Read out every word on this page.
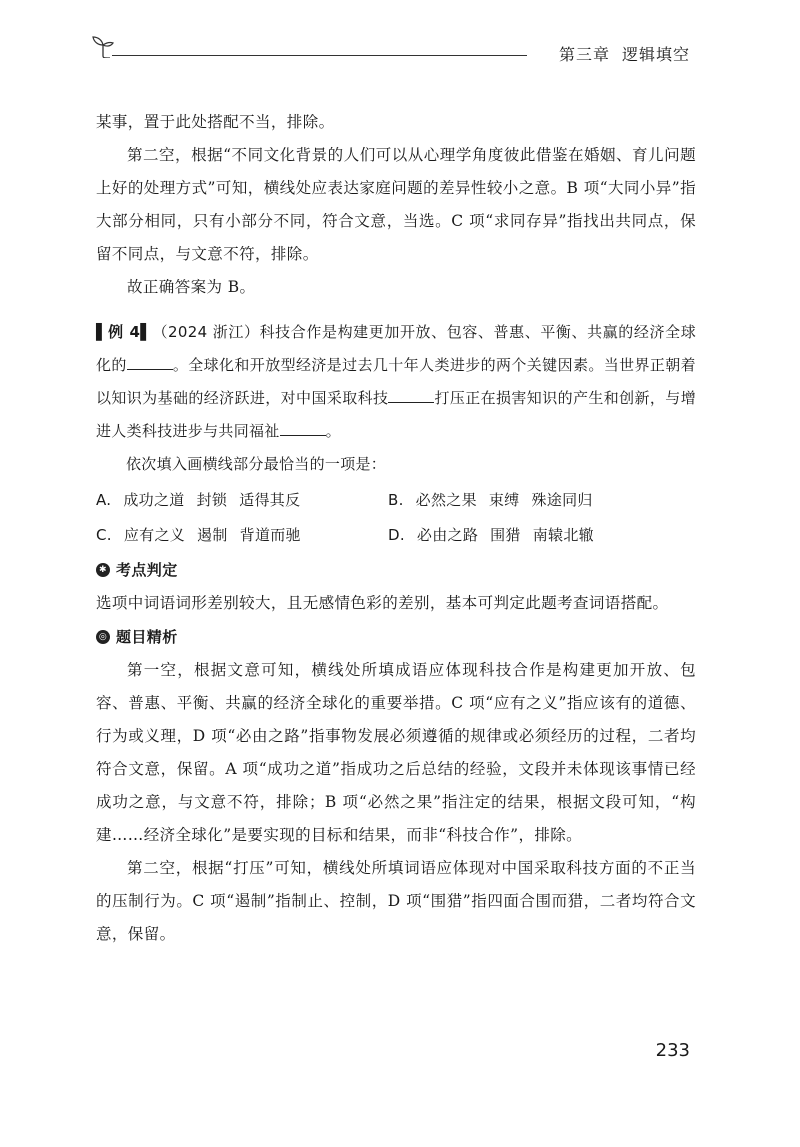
第三章 逻辑填空

某事，置于此处搭配不当，排除。

第二空，根据“不同文化背景的人们可以从心理学角度彼此借鉴在婚姻、育儿问题上好的处理方式”可知，横线处应表达家庭问题的差异性较小之意。B 项“大同小异”指大部分相同，只有小部分不同，符合文意，当选。C 项“求同存异”指找出共同点，保留不同点，与文意不符，排除。

故正确答案为 B。

▌例 4▌（2024 浙江）科技合作是构建更加开放、包容、普惠、平衡、共赢的经济全球化的	。全球化和开放型经济是过去几十年人类进步的两个关键因素。当世界正朝着以知识为基础的经济跃进，对中国采取科技	打压正在损害知识的产生和创新，与增进人类科技进步与共同福祉	。

依次填入画横线部分最恰当的一项是：

A. 成功之道 封锁 适得其反	B. 必然之果 束缚 殊途同归
C. 应有之义 遏制 背道而驰	D. 必由之路 围猎 南辕北辙
✱ 考点判定

选项中词语词形差别较大，且无感情色彩的差别，基本可判定此题考查词语搭配。

◎ 题目精析

第一空，根据文意可知，横线处所填成语应体现科技合作是构建更加开放、包容、普惠、平衡、共赢的经济全球化的重要举措。C 项“应有之义”指应该有的道德、行为或义理，D 项“必由之路”指事物发展必须遵循的规律或必须经历的过程，二者均符合文意，保留。A 项“成功之道”指成功之后总结的经验，文段并未体现该事情已经成功之意，与文意不符，排除；B 项“必然之果”指注定的结果，根据文段可知，“构建……经济全球化”是要实现的目标和结果，而非“科技合作”，排除。

第二空，根据“打压”可知，横线处所填词语应体现对中国采取科技方面的不正当的压制行为。C 项“遏制”指制止、控制，D 项“围猎”指四面合围而猎，二者均符合文意，保留。

233
